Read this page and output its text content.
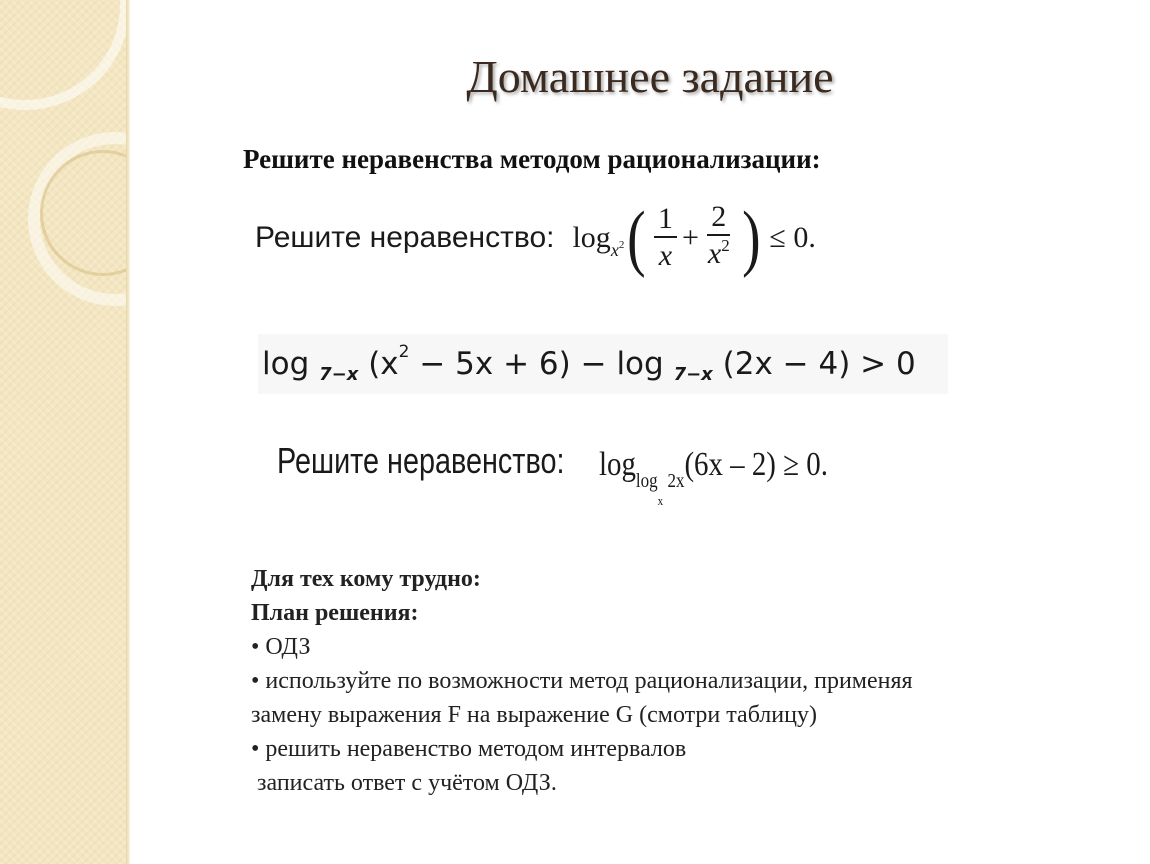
Домашнее задание

Решите неравенства методом рационализации:

Решите неравенство: $\log x^2$ ( $\frac{1}{x} + \frac{2}{x^2}$ ) ≤ 0.
log
7−x
(x 2 − 5x + 6) −
log
7−x
(2x − 4) > 0
Решите неравенство: $\log_{log_x 2x}(6x - 2) \ge 0$.
Для тех кому трудно:
План решения:
• ОДЗ
• используйте по возможности метод рационализации, применяя замену выражения F на выражение G (смотри таблицу)
• решить неравенство методом интервалов
записать ответ с учётом ОДЗ.
